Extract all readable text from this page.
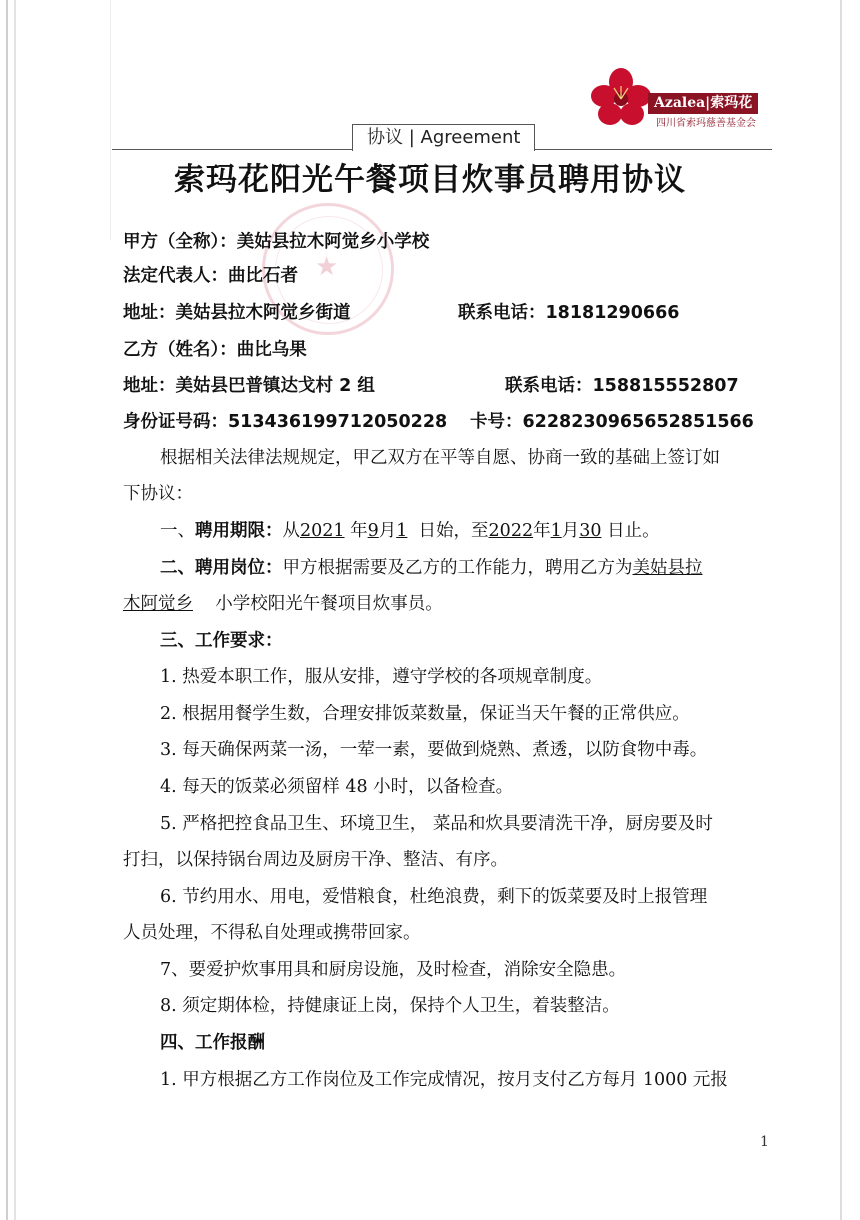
Azalea|索玛花
四川省索玛慈善基金会
协议 | Agreement
索玛花阳光午餐项目炊事员聘用协议
★
甲方（全称）：美姑县拉木阿觉乡小学校
法定代表人：曲比石者
地址：美姑县拉木阿觉乡街道	联系电话：18181290666
乙方（姓名）：曲比乌果
地址：美姑县巴普镇达戈村 2 组	联系电话：158815552807
身份证号码：513436199712050228 卡号：6228230965652851566
根据相关法律法规规定，甲乙双方在平等自愿、协商一致的基础上签订如
下协议：
一、聘用期限：从2021 年9月1 日始，至2022年1月30 日止。
二、聘用岗位：甲方根据需要及乙方的工作能力，聘用乙方为美姑县拉
木阿觉乡 小学校阳光午餐项目炊事员。
三、工作要求：
1. 热爱本职工作，服从安排，遵守学校的各项规章制度。
2. 根据用餐学生数，合理安排饭菜数量，保证当天午餐的正常供应。
3. 每天确保两菜一汤，一荤一素，要做到烧熟、煮透，以防食物中毒。
4. 每天的饭菜必须留样 48 小时，以备检查。
5. 严格把控食品卫生、环境卫生， 菜品和炊具要清洗干净，厨房要及时
打扫，以保持锅台周边及厨房干净、整洁、有序。
6. 节约用水、用电，爱惜粮食，杜绝浪费，剩下的饭菜要及时上报管理
人员处理，不得私自处理或携带回家。
7、要爱护炊事用具和厨房设施，及时检查，消除安全隐患。
8. 须定期体检，持健康证上岗，保持个人卫生，着装整洁。
四、工作报酬
1. 甲方根据乙方工作岗位及工作完成情况，按月支付乙方每月 1000 元报
1
